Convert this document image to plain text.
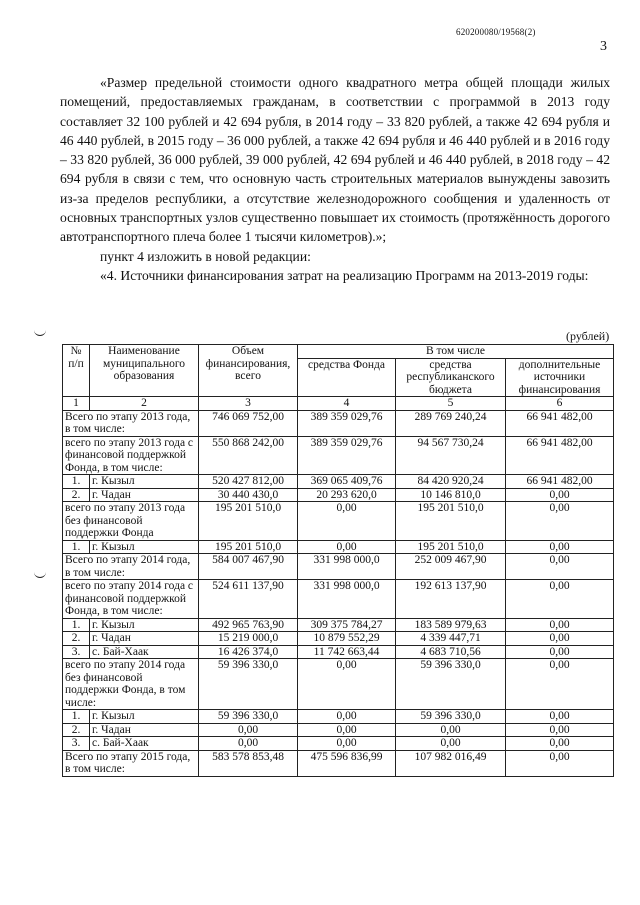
620200080/19568(2)
3

«Размер предельной стоимости одного квадратного метра общей площади жилых помещений, предоставляемых гражданам, в соответствии с программой в 2013 году составляет 32 100 рублей и 42 694 рубля, в 2014 году – 33 820 рублей, а также 42 694 рубля и 46 440 рублей, в 2015 году – 36 000 рублей, а также 42 694 рубля и 46 440 рублей и в 2016 году – 33 820 рублей, 36 000 рублей, 39 000 рублей, 42 694 рублей и 46 440 рублей, в 2018 году – 42 694 рубля в связи с тем, что основную часть строительных материалов вынуждены завозить из-за пределов республики, а отсутствие железнодорожного сообщения и удаленность от основных транспортных узлов существенно повышает их стоимость (протяжённость дорогого автотранспортного плеча более 1 тысячи километров).»;

пункт 4 изложить в новой редакции:

«4. Источники финансирования затрат на реализацию Программ на 2013-2019 годы:

(рублей)
№ п/п	Наименование муниципального образования	Объем финансирования, всего	В том числе		
			средства Фонда	средства республиканского бюджета	дополнительные источники финансирования
1	2	3	4	5	6
Всего по этапу 2013 года, в том числе:		746 069 752,00	389 359 029,76	289 769 240,24	66 941 482,00
всего по этапу 2013 года с финансовой поддержкой Фонда, в том числе:		550 868 242,00	389 359 029,76	94 567 730,24	66 941 482,00
1.	г. Кызыл	520 427 812,00	369 065 409,76	84 420 920,24	66 941 482,00
2.	г. Чадан	30 440 430,0	20 293 620,0	10 146 810,0	0,00
всего по этапу 2013 года без финансовой поддержки Фонда		195 201 510,0	0,00	195 201 510,0	0,00
1.	г. Кызыл	195 201 510,0	0,00	195 201 510,0	0,00
Всего по этапу 2014 года, в том числе:		584 007 467,90	331 998 000,0	252 009 467,90	0,00
всего по этапу 2014 года с финансовой поддержкой Фонда, в том числе:		524 611 137,90	331 998 000,0	192 613 137,90	0,00
1.	г. Кызыл	492 965 763,90	309 375 784,27	183 589 979,63	0,00
2.	г. Чадан	15 219 000,0	10 879 552,29	4 339 447,71	0,00
3.	с. Бай-Хаак	16 426 374,0	11 742 663,44	4 683 710,56	0,00
всего по этапу 2014 года без финансовой поддержки Фонда, в том числе:		59 396 330,0	0,00	59 396 330,0	0,00
1.	г. Кызыл	59 396 330,0	0,00	59 396 330,0	0,00
2.	г. Чадан	0,00	0,00	0,00	0,00
3.	с. Бай-Хаак	0,00	0,00	0,00	0,00
Всего по этапу 2015 года, в том числе:		583 578 853,48	475 596 836,99	107 982 016,49	0,00
